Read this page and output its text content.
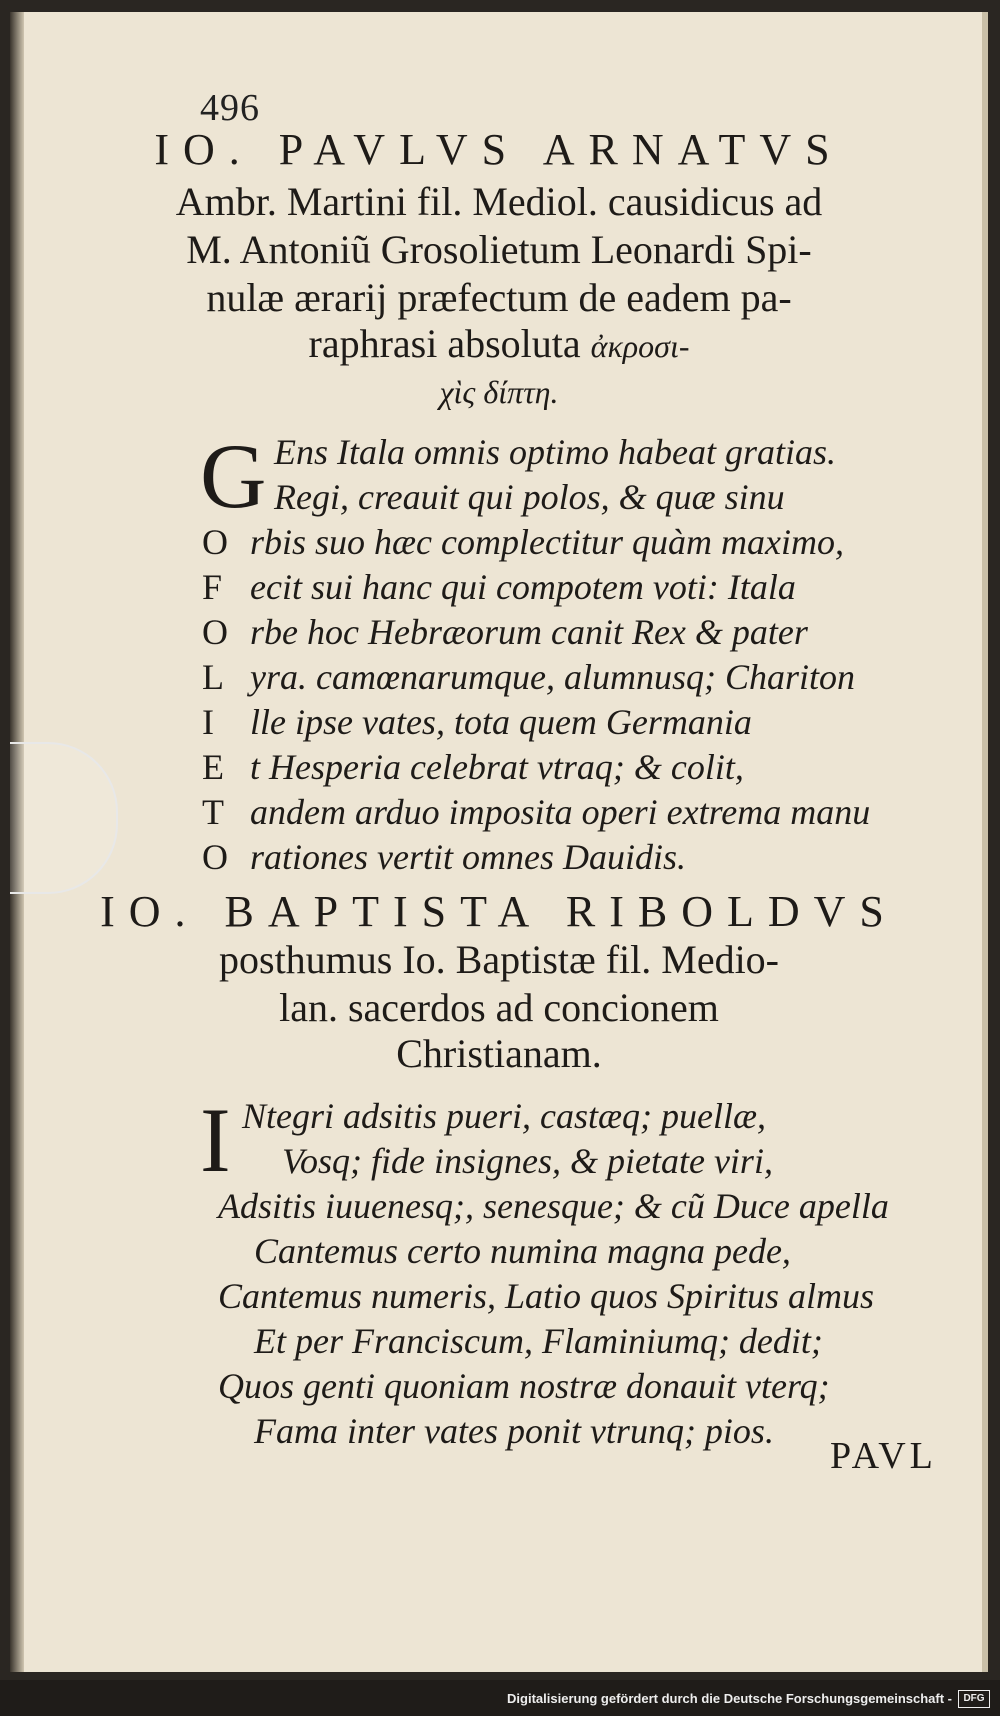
496
IO. PAVLVS ARNATVS
Ambr. Martini fil. Mediol. causidicus ad
M. Antoniũ Grosolietum Leonardi Spi-
nulæ ærarij præfectum de eadem pa-
raphrasi absoluta ἀκροσι-
χὶς δίπτη.
G Ens Itala omnis optimo habeat gratias.
Regi, creauit qui polos, & quæ sinu
O rbis suo hæc complectitur quàm maximo,
F ecit sui hanc qui compotem voti: Itala
O rbe hoc Hebræorum canit Rex & pater
L yra. camœnarumque, alumnusq; Chariton
I lle ipse vates, tota quem Germania
E t Hesperia celebrat vtraq; & colit,
T andem arduo imposita operi extrema manu
O rationes vertit omnes Dauidis.
IO. BAPTISTA RIBOLDVS
posthumus Io. Baptistæ fil. Medio-
lan. sacerdos ad concionem
Christianam.
I Ntegri adsitis pueri, castæq; puellæ,
Vosq; fide insignes, & pietate viri,
Adsitis iuuenesq;, senesque; & cũ Duce apella
Cantemus certo numina magna pede,
Cantemus numeris, Latio quos Spiritus almus
Et per Franciscum, Flaminiumq; dedit;
Quos genti quoniam nostræ donauit vterq;
Fama inter vates ponit vtrunq; pios.
PAVL
Digitalisierung gefördert durch die Deutsche Forschungsgemeinschaft -	DFG
